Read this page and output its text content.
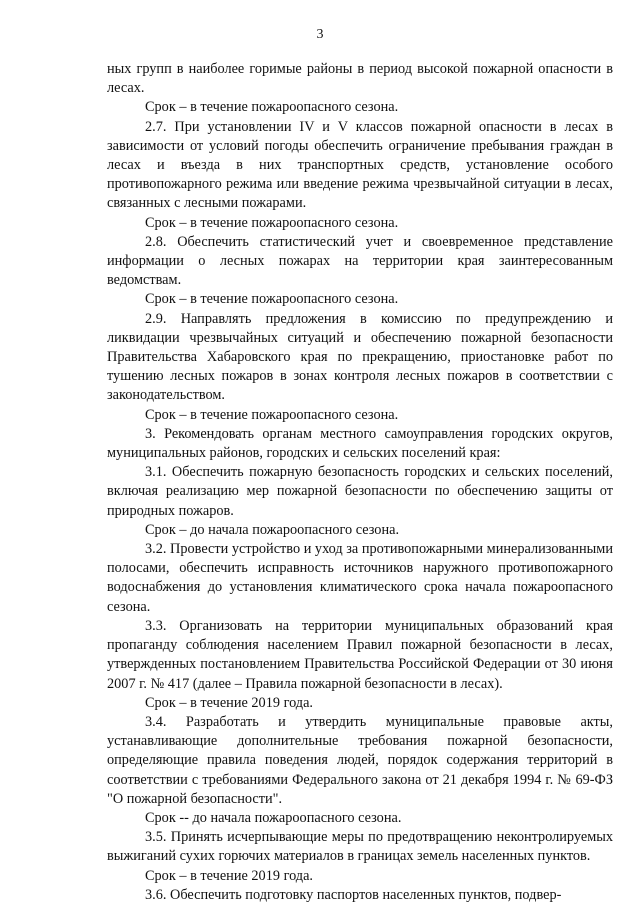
3

ных групп в наиболее горимые районы в период высокой пожарной опасности в лесах.

Срок – в течение пожароопасного сезона.

2.7. При установлении IV и V классов пожарной опасности в лесах в зависимости от условий погоды обеспечить ограничение пребывания граждан в лесах и въезда в них транспортных средств, установление особого противопожарного режима или введение режима чрезвычайной ситуации в лесах, связанных с лесными пожарами.

Срок – в течение пожароопасного сезона.

2.8. Обеспечить статистический учет и своевременное представление информации о лесных пожарах на территории края заинтересованным ведомствам.

Срок – в течение пожароопасного сезона.

2.9. Направлять предложения в комиссию по предупреждению и ликвидации чрезвычайных ситуаций и обеспечению пожарной безопасности Правительства Хабаровского края по прекращению, приостановке работ по тушению лесных пожаров в зонах контроля лесных пожаров в соответствии с законодательством.

Срок – в течение пожароопасного сезона.

3. Рекомендовать органам местного самоуправления городских округов, муниципальных районов, городских и сельских поселений края:

3.1. Обеспечить пожарную безопасность городских и сельских поселений, включая реализацию мер пожарной безопасности по обеспечению защиты от природных пожаров.

Срок – до начала пожароопасного сезона.

3.2. Провести устройство и уход за противопожарными минерализованными полосами, обеспечить исправность источников наружного противопожарного водоснабжения до установления климатического срока начала пожароопасного сезона.

3.3. Организовать на территории муниципальных образований края пропаганду соблюдения населением Правил пожарной безопасности в лесах, утвержденных постановлением Правительства Российской Федерации от 30 июня 2007 г. № 417 (далее – Правила пожарной безопасности в лесах).

Срок – в течение 2019 года.

3.4. Разработать и утвердить муниципальные правовые акты, устанавливающие дополнительные требования пожарной безопасности, определяющие правила поведения людей, порядок содержания территорий в соответствии с требованиями Федерального закона от 21 декабря 1994 г. № 69-ФЗ "О пожарной безопасности".

Срок -- до начала пожароопасного сезона.

3.5. Принять исчерпывающие меры по предотвращению неконтролируемых выжиганий сухих горючих материалов в границах земель населенных пунктов.

Срок – в течение 2019 года.

3.6. Обеспечить подготовку паспортов населенных пунктов, подвер-
